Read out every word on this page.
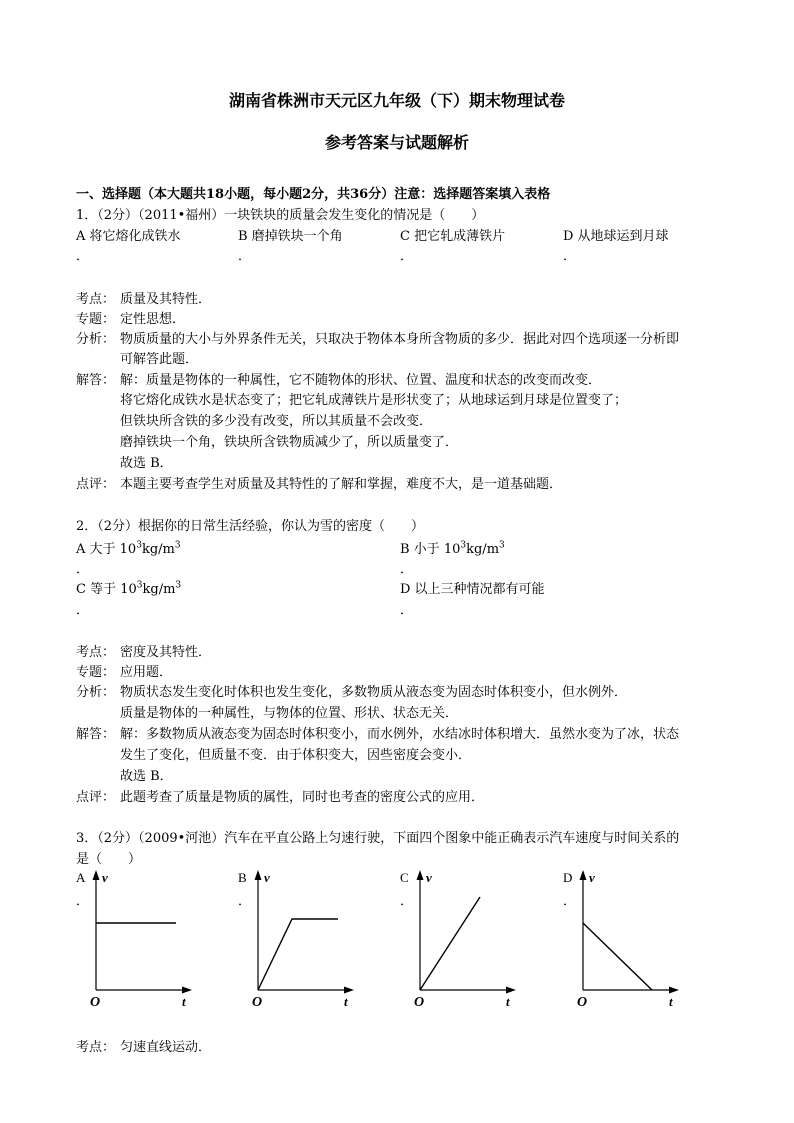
湖南省株洲市天元区九年级（下）期末物理试卷
参考答案与试题解析
一、选择题（本大题共18小题，每小题2分，共36分）注意：选择题答案填入表格
1．（2分）（2011•福州）一块铁块的质量会发生变化的情况是（　　）
A 将它熔化成铁水	B 磨掉铁块一个角	C 把它轧成薄铁片	D 从地球运到月球
．	．	．	．
考点： 质量及其特性．
专题： 定性思想．
分析： 物质质量的大小与外界条件无关，只取决于物体本身所含物质的多少．据此对四个选项逐一分析即
可解答此题．
解答： 解：质量是物体的一种属性，它不随物体的形状、位置、温度和状态的改变而改变．
将它熔化成铁水是状态变了；把它轧成薄铁片是形状变了；从地球运到月球是位置变了；
但铁块所含铁的多少没有改变，所以其质量不会改变．
磨掉铁块一个角，铁块所含铁物质减少了，所以质量变了．
故选 B．
点评： 本题主要考查学生对质量及其特性的了解和掌握，难度不大，是一道基础题．
2．（2分）根据你的日常生活经验，你认为雪的密度（　　）
A 大于 $10^3kg/m^3$	B 小于 $10^3kg/m^3$
．	．
C 等于 $10^3kg/m^3$	D 以上三种情况都有可能
．	．
考点： 密度及其特性．
专题： 应用题．
分析： 物质状态发生变化时体积也发生变化，多数物质从液态变为固态时体积变小，但水例外．
质量是物体的一种属性，与物体的位置、形状、状态无关．
解答： 解：多数物质从液态变为固态时体积变小，而水例外，水结冰时体积增大．虽然水变为了冰，状态
发生了变化，但质量不变．由于体积变大，因些密度会变小．
故选 B．
点评： 此题考查了质量是物质的属性，同时也考查的密度公式的应用．
3．（2分）（2009•河池）汽车在平直公路上匀速行驶，下面四个图象中能正确表示汽车速度与时间关系的
是（　　）
A
．
v
t
O
B
．
v
t
O
C
．
v
t
O
D
．
v
t
O
考点： 匀速直线运动．
